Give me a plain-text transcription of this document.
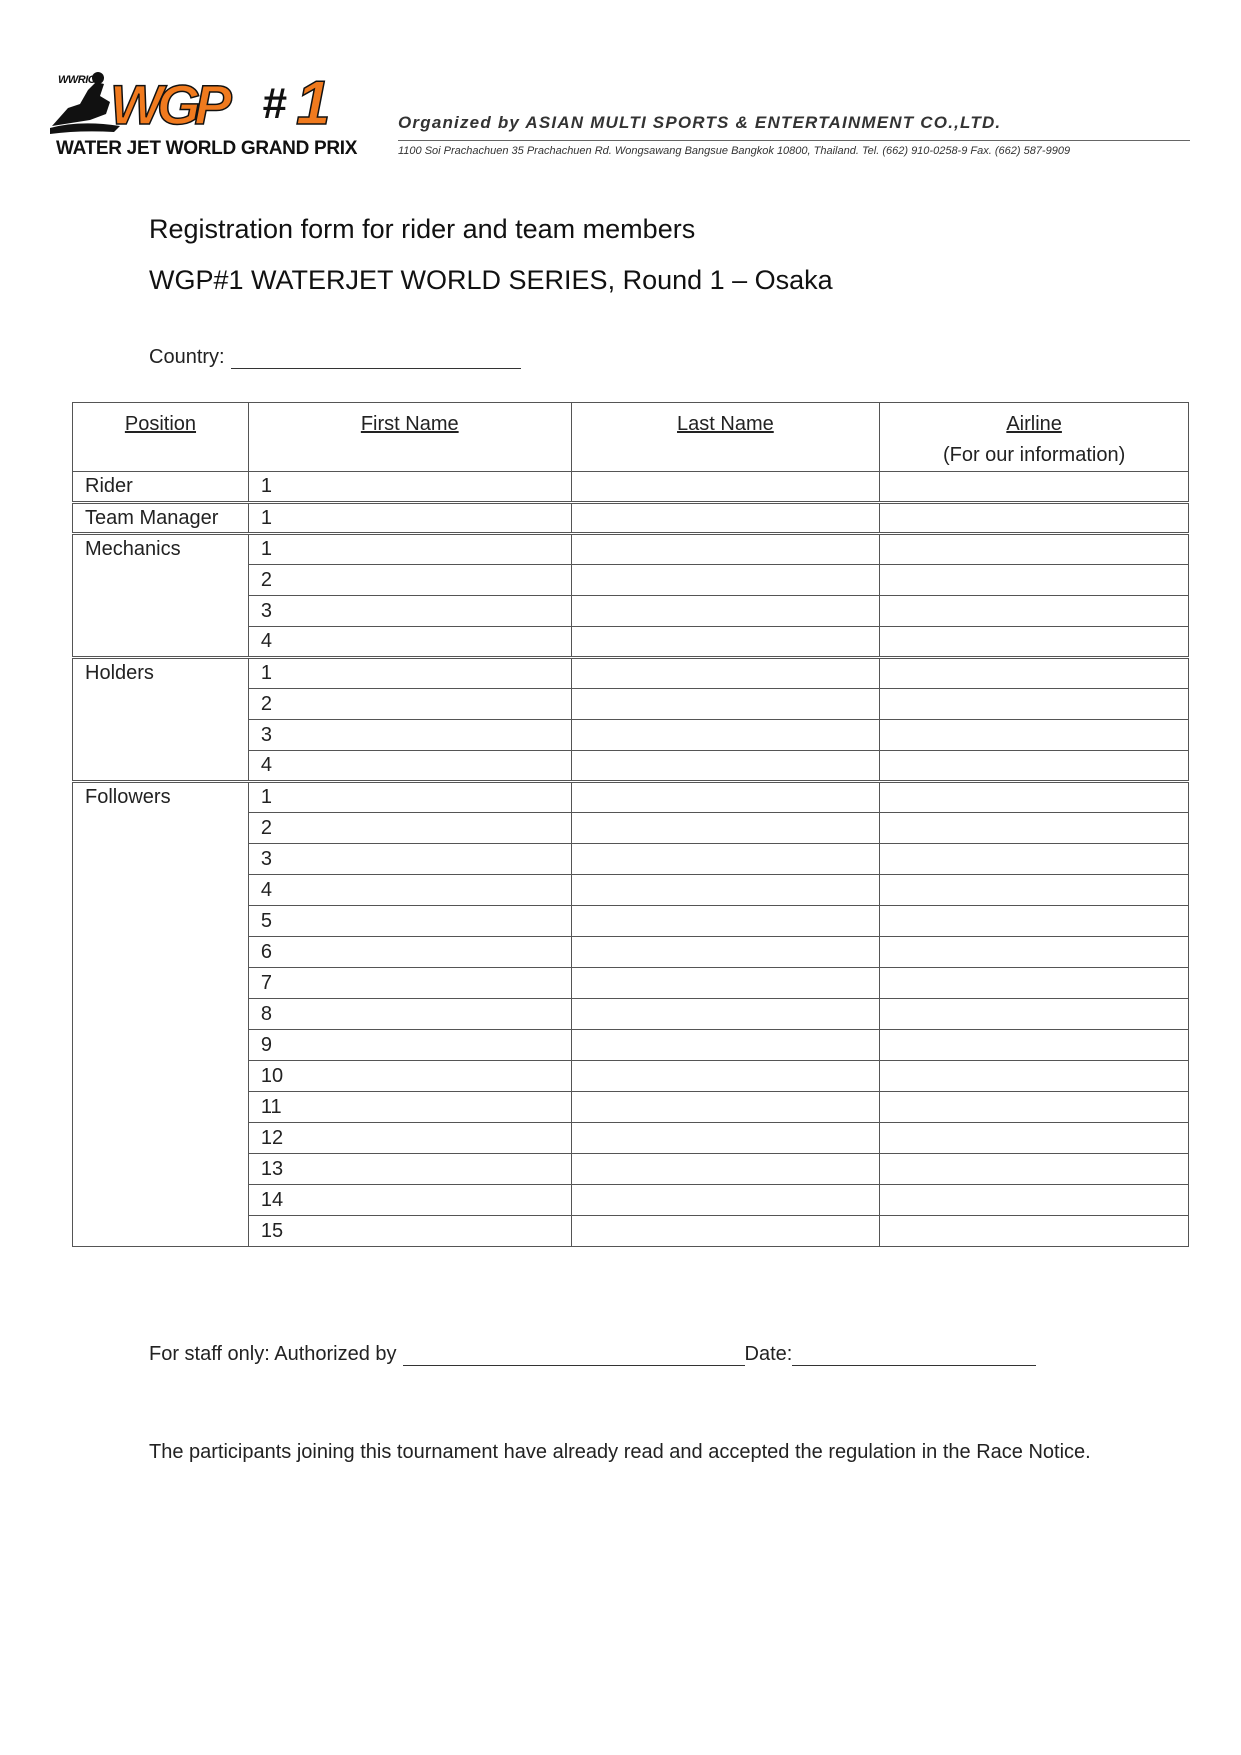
WGP # 1
WWRIO
WATER JET WORLD GRAND PRIX
Organized by ASIAN MULTI SPORTS & ENTERTAINMENT CO.,LTD.
1100 Soi Prachachuen 35 Prachachuen Rd. Wongsawang Bangsue Bangkok 10800, Thailand. Tel. (662) 910-0258-9 Fax. (662) 587-9909
Registration form for rider and team members
WGP#1 WATERJET WORLD SERIES, Round 1 – Osaka
Country:
Position	First Name	Last Name	Airline
(For our information)

Rider	1		
Team Manager	1		
Mechanics	1		
	2		
	3		
	4		
Holders	1		
	2		
	3		
	4		
Followers	1		
	2		
	3		
	4		
	5		
	6		
	7		
	8		
	9		
	10		
	11		
	12		
	13		
	14		
	15		
For staff only: Authorized by	Date:
The participants joining this tournament have already read and accepted the regulation in the Race Notice.
